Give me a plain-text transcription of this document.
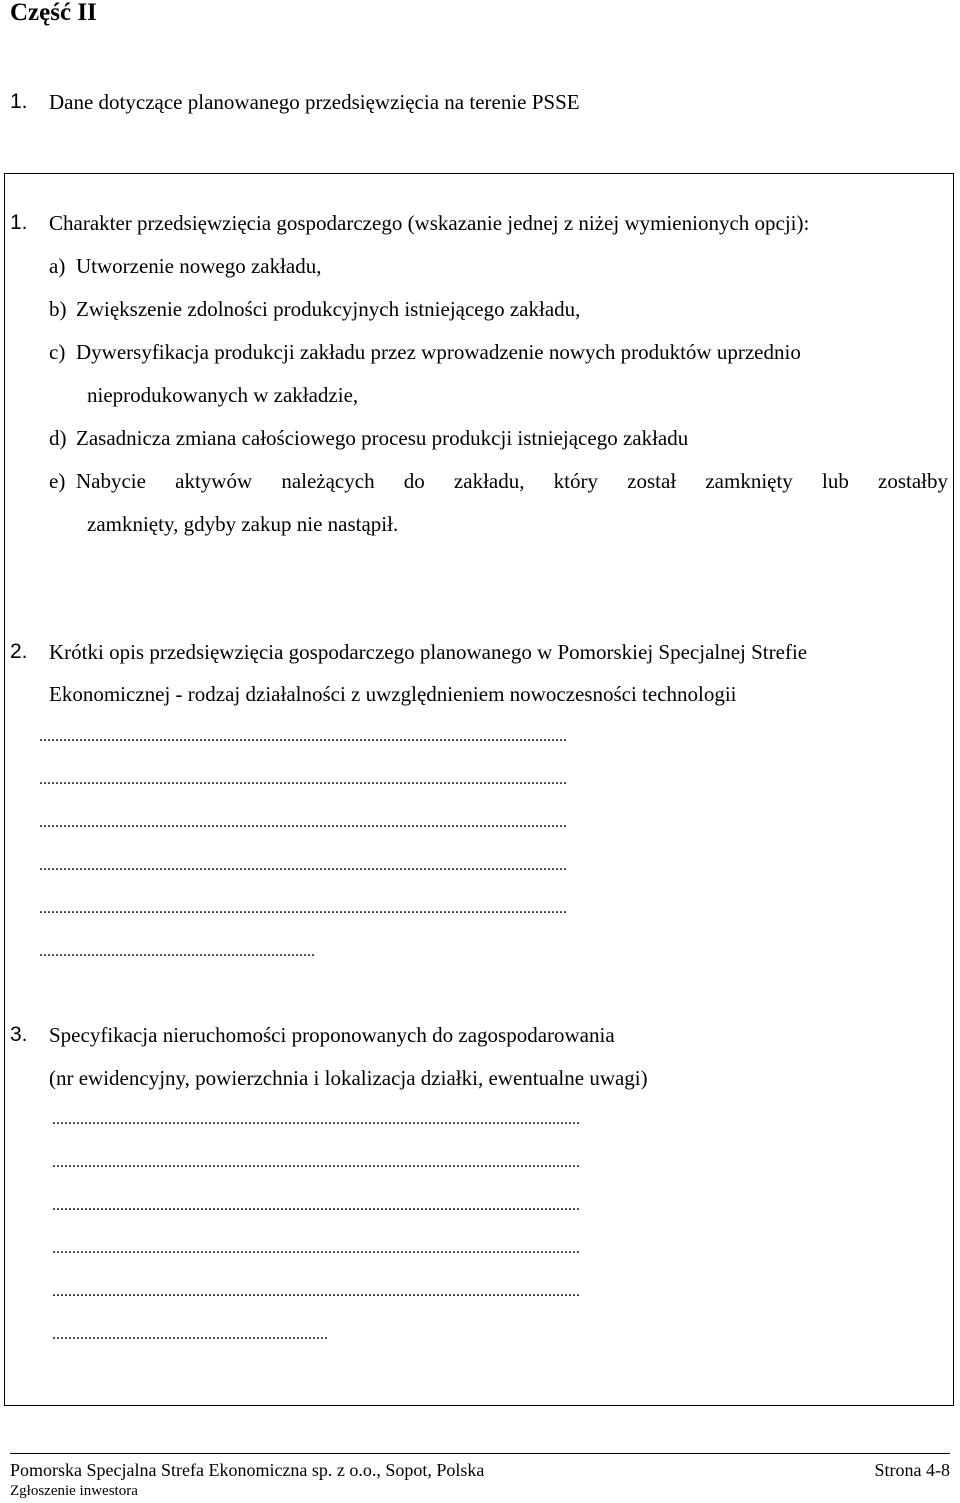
Część II
1. Dane dotyczące planowanego przedsięwzięcia na terenie PSSE
1. Charakter przedsięwzięcia gospodarczego (wskazanie jednej z niżej wymienionych opcji):
a) Utworzenie nowego zakładu,
b) Zwiększenie zdolności produkcyjnych istniejącego zakładu,
c) Dywersyfikacja produkcji zakładu przez wprowadzenie nowych produktów uprzednio
nieprodukowanych w zakładzie,
d) Zasadnicza zmiana całościowego procesu produkcji istniejącego zakładu
e) Nabycie aktywów należących do zakładu, który został zamknięty lub zostałby
zamknięty, gdyby zakup nie nastąpił.
2. Krótki opis przedsięwzięcia gospodarczego planowanego w Pomorskiej Specjalnej Strefie
Ekonomicznej - rodzaj działalności z uwzględnieniem nowoczesności technologii
....................................................................................................................................
....................................................................................................................................
....................................................................................................................................
....................................................................................................................................
....................................................................................................................................
.....................................................................
3. Specyfikacja nieruchomości proponowanych do zagospodarowania
(nr ewidencyjny, powierzchnia i lokalizacja działki, ewentualne uwagi)
....................................................................................................................................
....................................................................................................................................
....................................................................................................................................
....................................................................................................................................
....................................................................................................................................
.....................................................................
Pomorska Specjalna Strefa Ekonomiczna sp. z o.o., Sopot, Polska	Strona 4-8
Zgłoszenie inwestora
